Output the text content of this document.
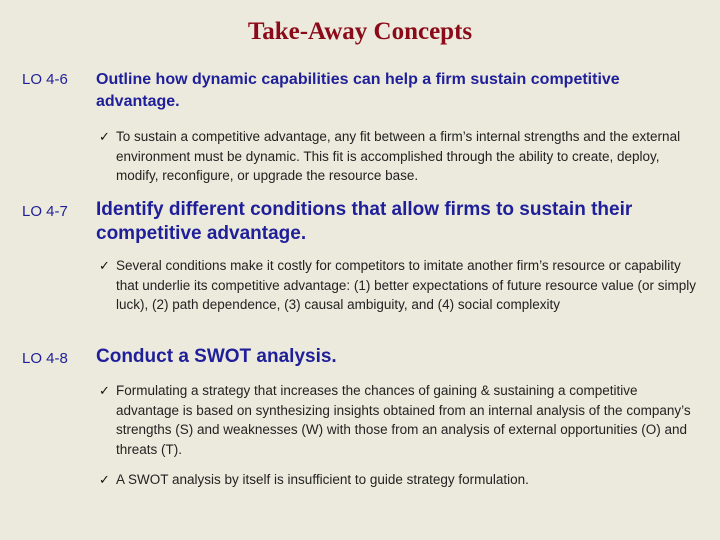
Take-Away Concepts
LO 4-6 Outline how dynamic capabilities can help a firm sustain competitive advantage.
✓ To sustain a competitive advantage, any fit between a firm’s internal strengths and the external environment must be dynamic. This fit is accomplished through the ability to create, deploy, modify, reconfigure, or upgrade the resource base.
LO 4-7 Identify different conditions that allow firms to sustain their competitive advantage.
✓ Several conditions make it costly for competitors to imitate another firm’s resource or capability that underlie its competitive advantage: (1) better expectations of future resource value (or simply luck), (2) path dependence, (3) causal ambiguity, and (4) social complexity
LO 4-8 Conduct a SWOT analysis.
✓ Formulating a strategy that increases the chances of gaining & sustaining a competitive advantage is based on synthesizing insights obtained from an internal analysis of the company’s strengths (S) and weaknesses (W) with those from an analysis of external opportunities (O) and threats (T).
✓ A SWOT analysis by itself is insufficient to guide strategy formulation.
